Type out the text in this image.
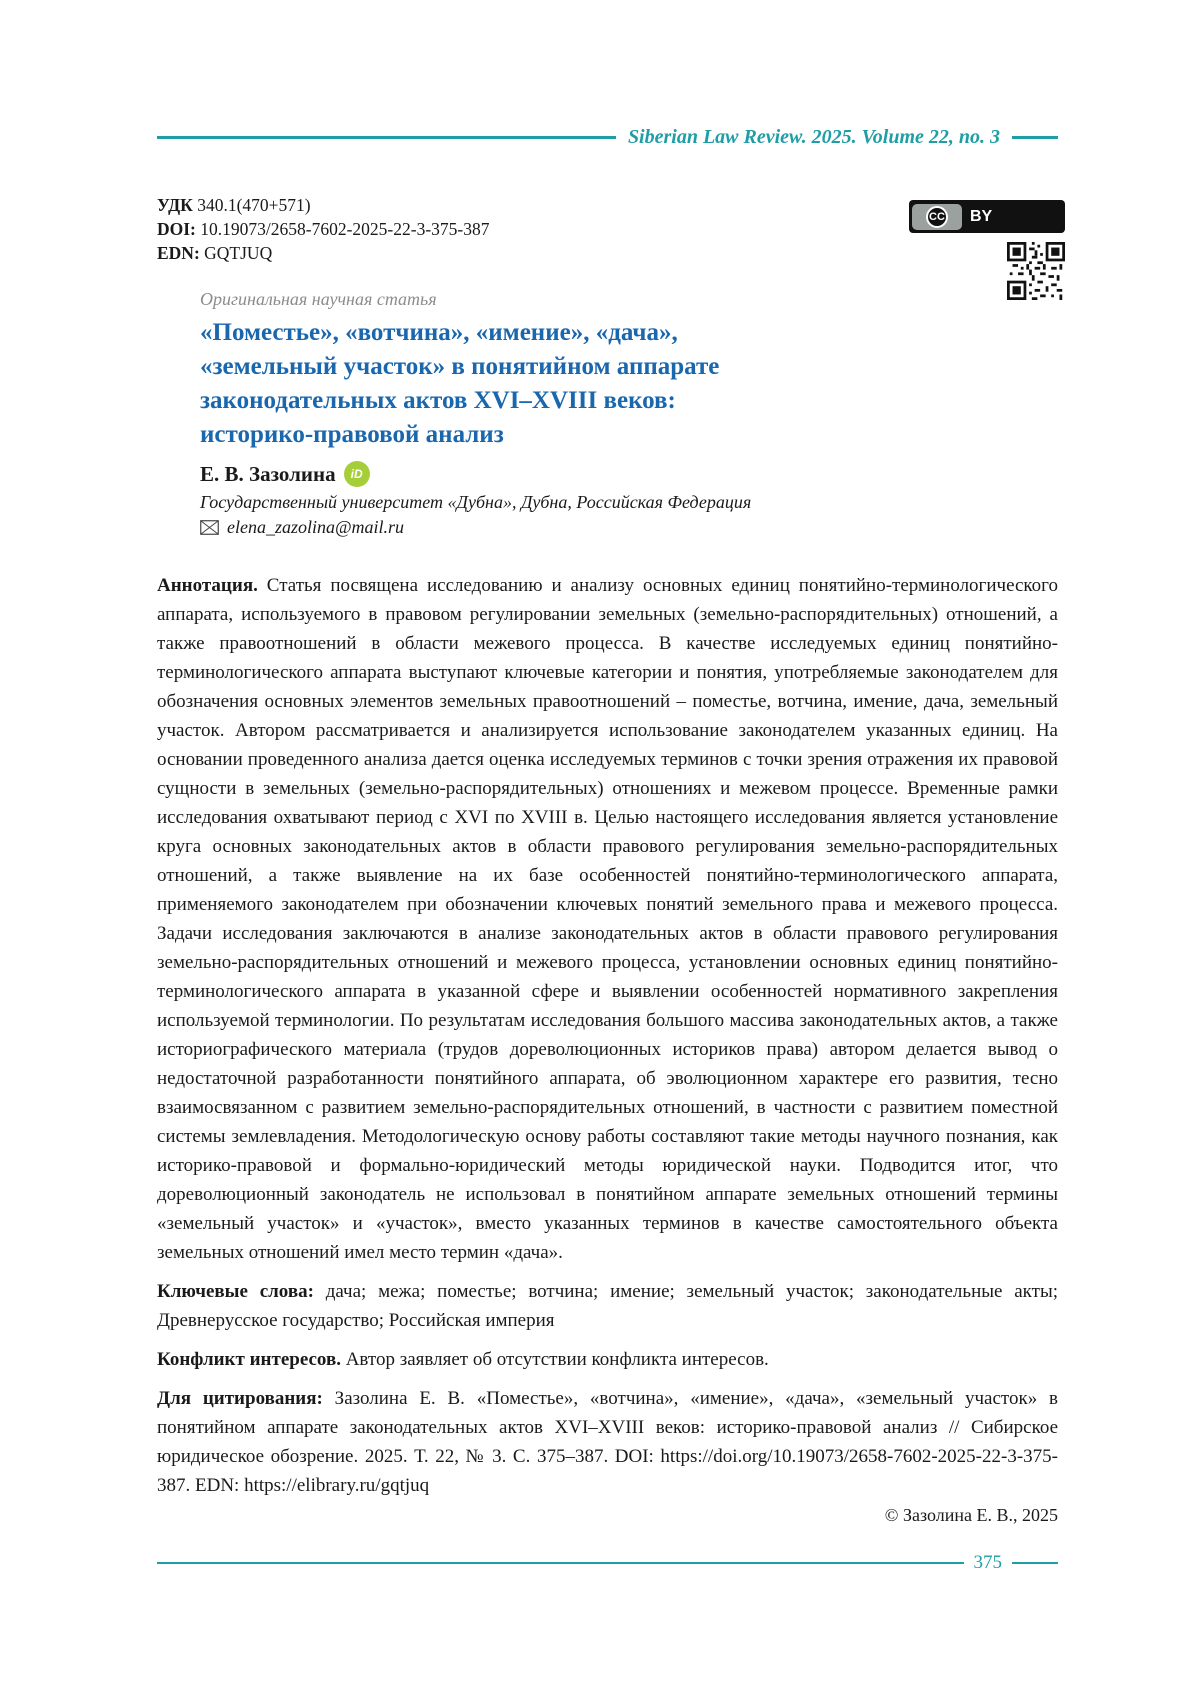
Siberian Law Review. 2025. Volume 22, no. 3
УДК 340.1(470+571)
DOI: 10.19073/2658-7602-2025-22-3-375-387
EDN: GQTJUQ
CC BY
Оригинальная научная статья
«Поместье», «вотчина», «имение», «дача»,
«земельный участок» в понятийном аппарате
законодательных актов XVI–XVIII веков:
историко-правовой анализ
Е. В. Зазолина	iD
Государственный университет «Дубна», Дубна, Российская Федерация
elena_zazolina@mail.ru

Аннотация. Статья посвящена исследованию и анализу основных единиц понятийно-терминологического аппарата, используемого в правовом регулировании земельных (земельно-распорядительных) отношений, а также правоотношений в области межевого процесса. В качестве исследуемых единиц понятийно-терминологического аппарата выступают ключевые категории и понятия, употребляемые законодателем для обозначения основных элементов земельных правоотношений – поместье, вотчина, имение, дача, земельный участок. Автором рассматривается и анализируется использование законодателем указанных единиц. На основании проведенного анализа дается оценка исследуемых терминов с точки зрения отражения их правовой сущности в земельных (земельно-распорядительных) отношениях и межевом процессе. Временные рамки исследования охватывают период с XVI по XVIII в. Целью настоящего исследования является установление круга основных законодательных актов в области правового регулирования земельно-распорядительных отношений, а также выявление на их базе особенностей понятийно-терминологического аппарата, применяемого законодателем при обозначении ключевых понятий земельного права и межевого процесса. Задачи исследования заключаются в анализе законодательных актов в области правового регулирования земельно-распорядительных отношений и межевого процесса, установлении основных единиц понятийно-терминологического аппарата в указанной сфере и выявлении особенностей нормативного закрепления используемой терминологии. По результатам исследования большого массива законодательных актов, а также историографического материала (трудов дореволюционных историков права) автором делается вывод о недостаточной разработанности понятийного аппарата, об эволюционном характере его развития, тесно взаимосвязанном с развитием земельно-распорядительных отношений, в частности с развитием поместной системы землевладения. Методологическую основу работы составляют такие методы научного познания, как историко-правовой и формально-юридический методы юридической науки. Подводится итог, что дореволюционный законодатель не использовал в понятийном аппарате земельных отношений термины «земельный участок» и «участок», вместо указанных терминов в качестве самостоятельного объекта земельных отношений имел место термин «дача».

Ключевые слова: дача; межа; поместье; вотчина; имение; земельный участок; законодательные акты; Древнерусское государство; Российская империя

Конфликт интересов. Автор заявляет об отсутствии конфликта интересов.

Для цитирования: Зазолина Е. В. «Поместье», «вотчина», «имение», «дача», «земельный участок» в понятийном аппарате законодательных актов XVI–XVIII веков: историко-правовой анализ // Сибирское юридическое обозрение. 2025. Т. 22, № 3. С. 375–387. DOI: https://doi.org/10.19073/2658-7602-2025-22-3-375-387. EDN: https://elibrary.ru/gqtjuq

© Зазолина Е. В., 2025
375
